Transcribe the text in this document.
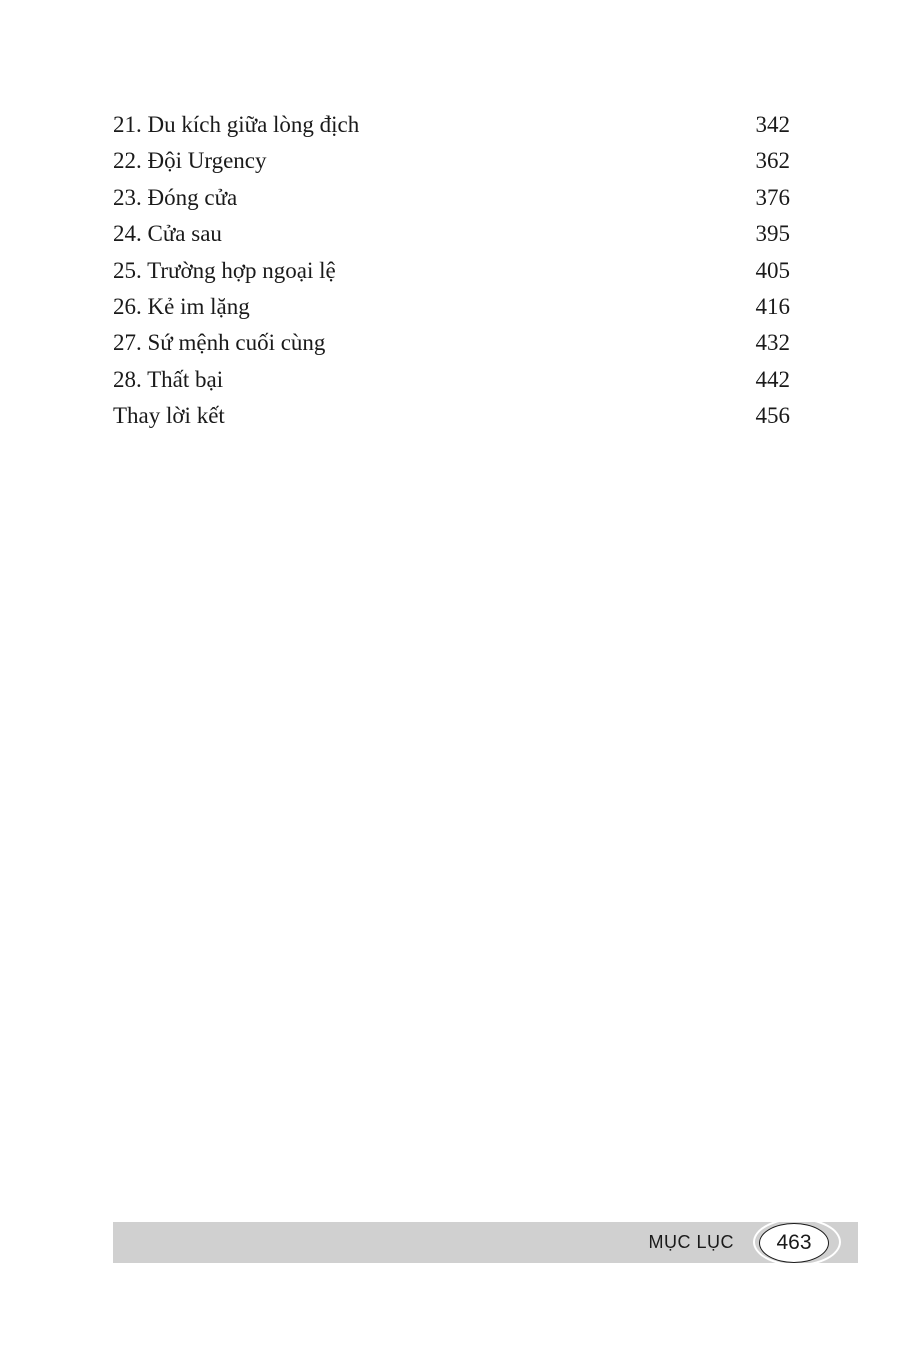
21. Du kích giữa lòng địch	342
22. Đội Urgency	362
23. Đóng cửa	376
24. Cửa sau	395
25. Trường hợp ngoại lệ	405
26. Kẻ im lặng	416
27. Sứ mệnh cuối cùng	432
28. Thất bại	442
Thay lời kết	456
MỤC LỤC	463
